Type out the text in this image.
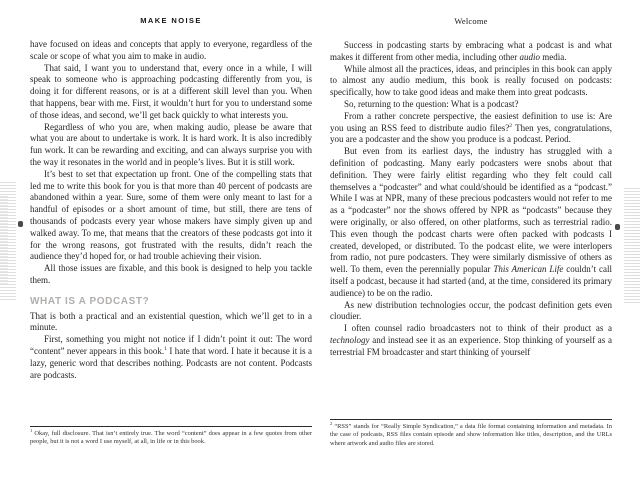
MAKE NOISE

have focused on ideas and concepts that apply to everyone, regardless of the scale or scope of what you aim to make in audio.

That said, I want you to understand that, every once in a while, I will speak to someone who is approaching podcasting differently from you, is doing it for different reasons, or is at a different skill level than you. When that happens, bear with me. First, it wouldn’t hurt for you to understand some of those ideas, and second, we’ll get back quickly to what interests you.

Regardless of who you are, when making audio, please be aware that what you are about to undertake is work. It is hard work. It is also incredibly fun work. It can be rewarding and exciting, and can always surprise you with the way it resonates in the world and in people’s lives. But it is still work.

It’s best to set that expectation up front. One of the compelling stats that led me to write this book for you is that more than 40 percent of podcasts are abandoned within a year. Sure, some of them were only meant to last for a handful of episodes or a short amount of time, but still, there are tens of thousands of podcasts every year whose makers have simply given up and walked away. To me, that means that the creators of these podcasts got into it for the wrong reasons, got frustrated with the results, didn’t reach the audience they’d hoped for, or had trouble achieving their vision.

All those issues are fixable, and this book is designed to help you tackle them.

WHAT IS A PODCAST?

That is both a practical and an existential question, which we’ll get to in a minute.

First, something you might not notice if I didn’t point it out: The word “content” never appears in this book.$^1$ I hate that word. I hate it because it is a lazy, generic word that describes nothing. Podcasts are not content. Podcasts are podcasts.

$^1$ Okay, full disclosure. That isn’t entirely true. The word “content” does appear in a few quotes from other people, but it is not a word I use myself, at all, in life or in this book.
Welcome

Success in podcasting starts by embracing what a podcast is and what makes it different from other media, including other audio media.

While almost all the practices, ideas, and principles in this book can apply to almost any audio medium, this book is really focused on podcasts: specifically, how to take good ideas and make them into great podcasts.

So, returning to the question: What is a podcast?

From a rather concrete perspective, the easiest definition to use is: Are you using an RSS feed to distribute audio files?$^2$ Then yes, congratulations, you are a podcaster and the show you produce is a podcast. Period.

But even from its earliest days, the industry has struggled with a definition of podcasting. Many early podcasters were snobs about that definition. They were fairly elitist regarding who they felt could call themselves a “podcaster” and what could/should be identified as a “podcast.” While I was at NPR, many of these precious podcasters would not refer to me as a “podcaster” nor the shows offered by NPR as “podcasts” because they were originally, or also offered, on other platforms, such as terrestrial radio. This even though the podcast charts were often packed with podcasts I created, developed, or distributed. To the podcast elite, we were interlopers from radio, not pure podcasters. They were similarly dismissive of others as well. To them, even the perennially popular This American Life couldn’t call itself a podcast, because it had started (and, at the time, considered its primary audience) to be on the radio.

As new distribution technologies occur, the podcast definition gets even cloudier.

I often counsel radio broadcasters not to think of their product as a technology and instead see it as an experience. Stop thinking of yourself as a terrestrial FM broadcaster and start thinking of yourself

$^2$ “RSS” stands for “Really Simple Syndication,” a data file format containing information and metadata. In the case of podcasts, RSS files contain episode and show information like titles, description, and the URLs where artwork and audio files are stored.
